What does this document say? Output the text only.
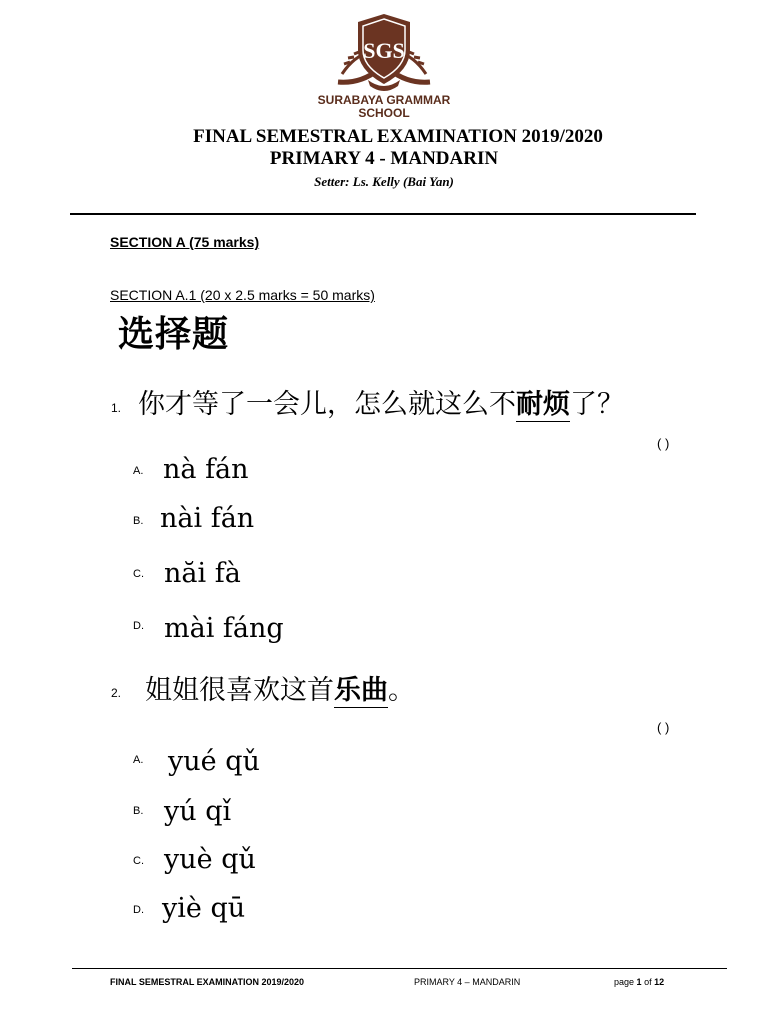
SGS
SURABAYA GRAMMAR
SCHOOL
FINAL SEMESTRAL EXAMINATION 2019/2020
PRIMARY 4 - MANDARIN
Setter: Ls. Kelly (Bai Yan)
SECTION A (75 marks)
SECTION A.1 (20 x 2.5 marks = 50 marks)
选择题
1. 你才等了一会儿，怎么就这么不耐烦了？
( )
A. nà fán
B. nài fán
C. năi fà
D. mài fáng
2. 姐姐很喜欢这首乐曲。
( )
A. yué qǔ
B. yú qǐ
C. yuè qǔ
D. yiè qū
FINAL SEMESTRAL EXAMINATION 2019/2020	PRIMARY 4 – MANDARIN	page 1 of 12
